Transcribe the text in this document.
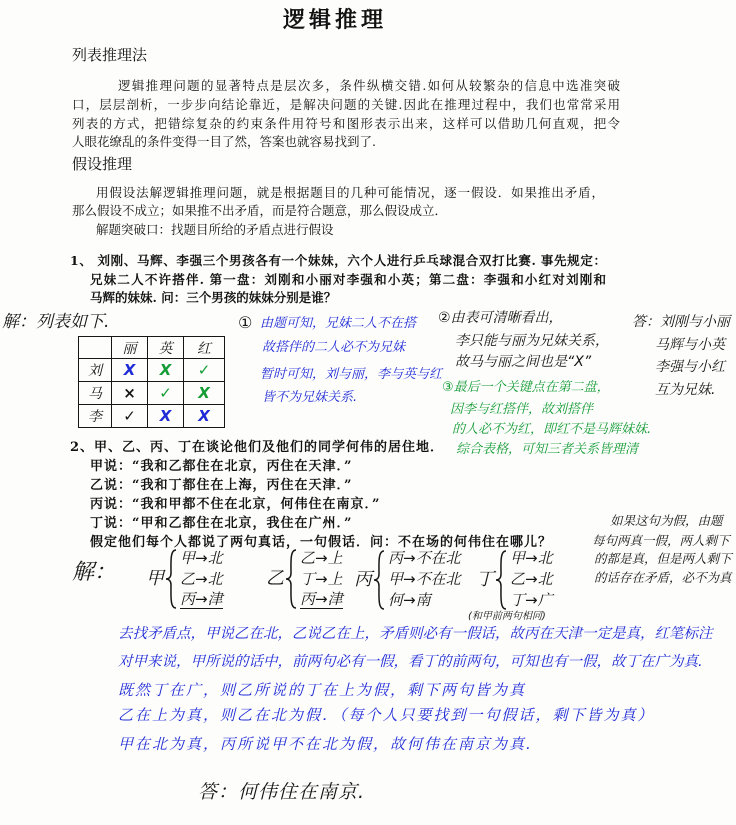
逻辑推理
列表推理法
逻辑推理问题的显著特点是层次多，条件纵横交错.如何从较繁杂的信息中选准突破
口，层层剖析，一步步向结论靠近，是解决问题的关键.因此在推理过程中，我们也常常采用
列表的方式，把错综复杂的约束条件用符号和图形表示出来，这样可以借助几何直观，把令
人眼花缭乱的条件变得一目了然，答案也就容易找到了.
假设推理
用假设法解逻辑推理问题，就是根据题目的几种可能情况，逐一假设．如果推出矛盾，
那么假设不成立；如果推不出矛盾，而是符合题意，那么假设成立．
解题突破口：找题目所给的矛盾点进行假设
1、 刘刚、马辉、李强三个男孩各有一个妹妹，六个人进行乒乓球混合双打比赛. 事先规定：
兄妹二人不许搭伴. 第一盘：刘刚和小丽对李强和小英；第二盘：李强和小红对刘刚和
马辉的妹妹. 问：三个男孩的妹妹分别是谁？
解：列表如下.
	丽	英	红
刘	X	X	✓
马	×	✓	X
李	✓	X	X
① 由题可知，兄妹二人不在搭
故搭伴的二人必不为兄妹
暂时可知，刘与丽，李与英与红
皆不为兄妹关系.
②由表可清晰看出，
李只能与丽为兄妹关系，
故马与丽之间也是“X”
③最后一个关键点在第二盘，
因李与红搭伴，故刘搭伴
的人必不为红，即红不是马辉妹妹.
综合表格，可知三者关系皆理清
答：刘刚与小丽
马辉与小英
李强与小红
互为兄妹.
2、甲、乙、丙、丁在谈论他们及他们的同学何伟的居住地．
甲说：“我和乙都住在北京，丙住在天津．”
乙说：“我和丁都住在上海，丙住在天津．”
丙说：“我和甲都不住在北京，何伟住在南京．”
丁说：“甲和乙都住在北京，我住在广州．”
假定他们每个人都说了两句真话，一句假话．问：不在场的何伟住在哪儿？
解： 甲
甲→北
乙→北
丙→津
乙
乙→上
丁→上
丙→津
丙
丙→不在北
甲→不在北
何→南
丁
甲→北
乙→北
丁→广
如果这句为假，由题
每句两真一假，两人剩下
的都是真，但是两人剩下
的话存在矛盾，必不为真
(和甲前两句相同)
去找矛盾点，甲说乙在北，乙说乙在上，矛盾则必有一假话，故丙在天津一定是真，红笔标注
对甲来说，甲所说的话中，前两句必有一假，看丁的前两句，可知也有一假，故丁在广为真.
既然丁在广，则乙所说的丁在上为假，剩下两句皆为真
乙在上为真，则乙在北为假．（每个人只要找到一句假话，剩下皆为真）
甲在北为真，丙所说甲不在北为假，故何伟在南京为真.
答：何伟住在南京.
